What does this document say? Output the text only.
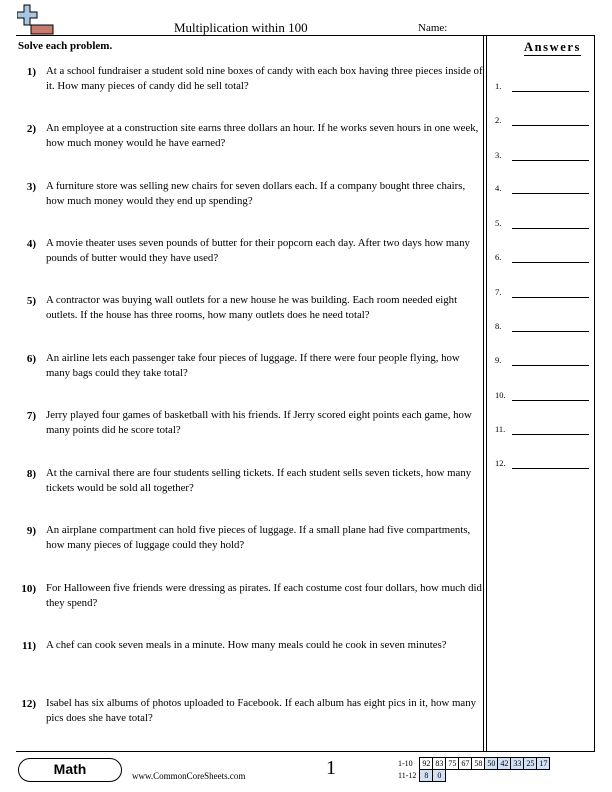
Multiplication within 100	Name:
Solve each problem.
1) At a school fundraiser a student sold nine boxes of candy with each box having three pieces inside of it. How many pieces of candy did he sell total?
2) An employee at a construction site earns three dollars an hour. If he works seven hours in one week, how much money would he have earned?
3) A furniture store was selling new chairs for seven dollars each. If a company bought three chairs, how much money would they end up spending?
4) A movie theater uses seven pounds of butter for their popcorn each day. After two days how many pounds of butter would they have used?
5) A contractor was buying wall outlets for a new house he was building. Each room needed eight outlets. If the house has three rooms, how many outlets does he need total?
6) An airline lets each passenger take four pieces of luggage. If there were four people flying, how many bags could they take total?
7) Jerry played four games of basketball with his friends. If Jerry scored eight points each game, how many points did he score total?
8) At the carnival there are four students selling tickets. If each student sells seven tickets, how many tickets would be sold all together?
9) An airplane compartment can hold five pieces of luggage. If a small plane had five compartments, how many pieces of luggage could they hold?
10) For Halloween five friends were dressing as pirates. If each costume cost four dollars, how much did they spend?
11) A chef can cook seven meals in a minute. How many meals could he cook in seven minutes?
12) Isabel has six albums of photos uploaded to Facebook. If each album has eight pics in it, how many pics does she have total?
Answers
1.
2.
3.
4.
5.
6.
7.
8.
9.
10.
11.
12.
Math	www.CommonCoreSheets.com	1	1-10	92	83	75	67	58	50	42	33	25	17
11-12	8	0								
